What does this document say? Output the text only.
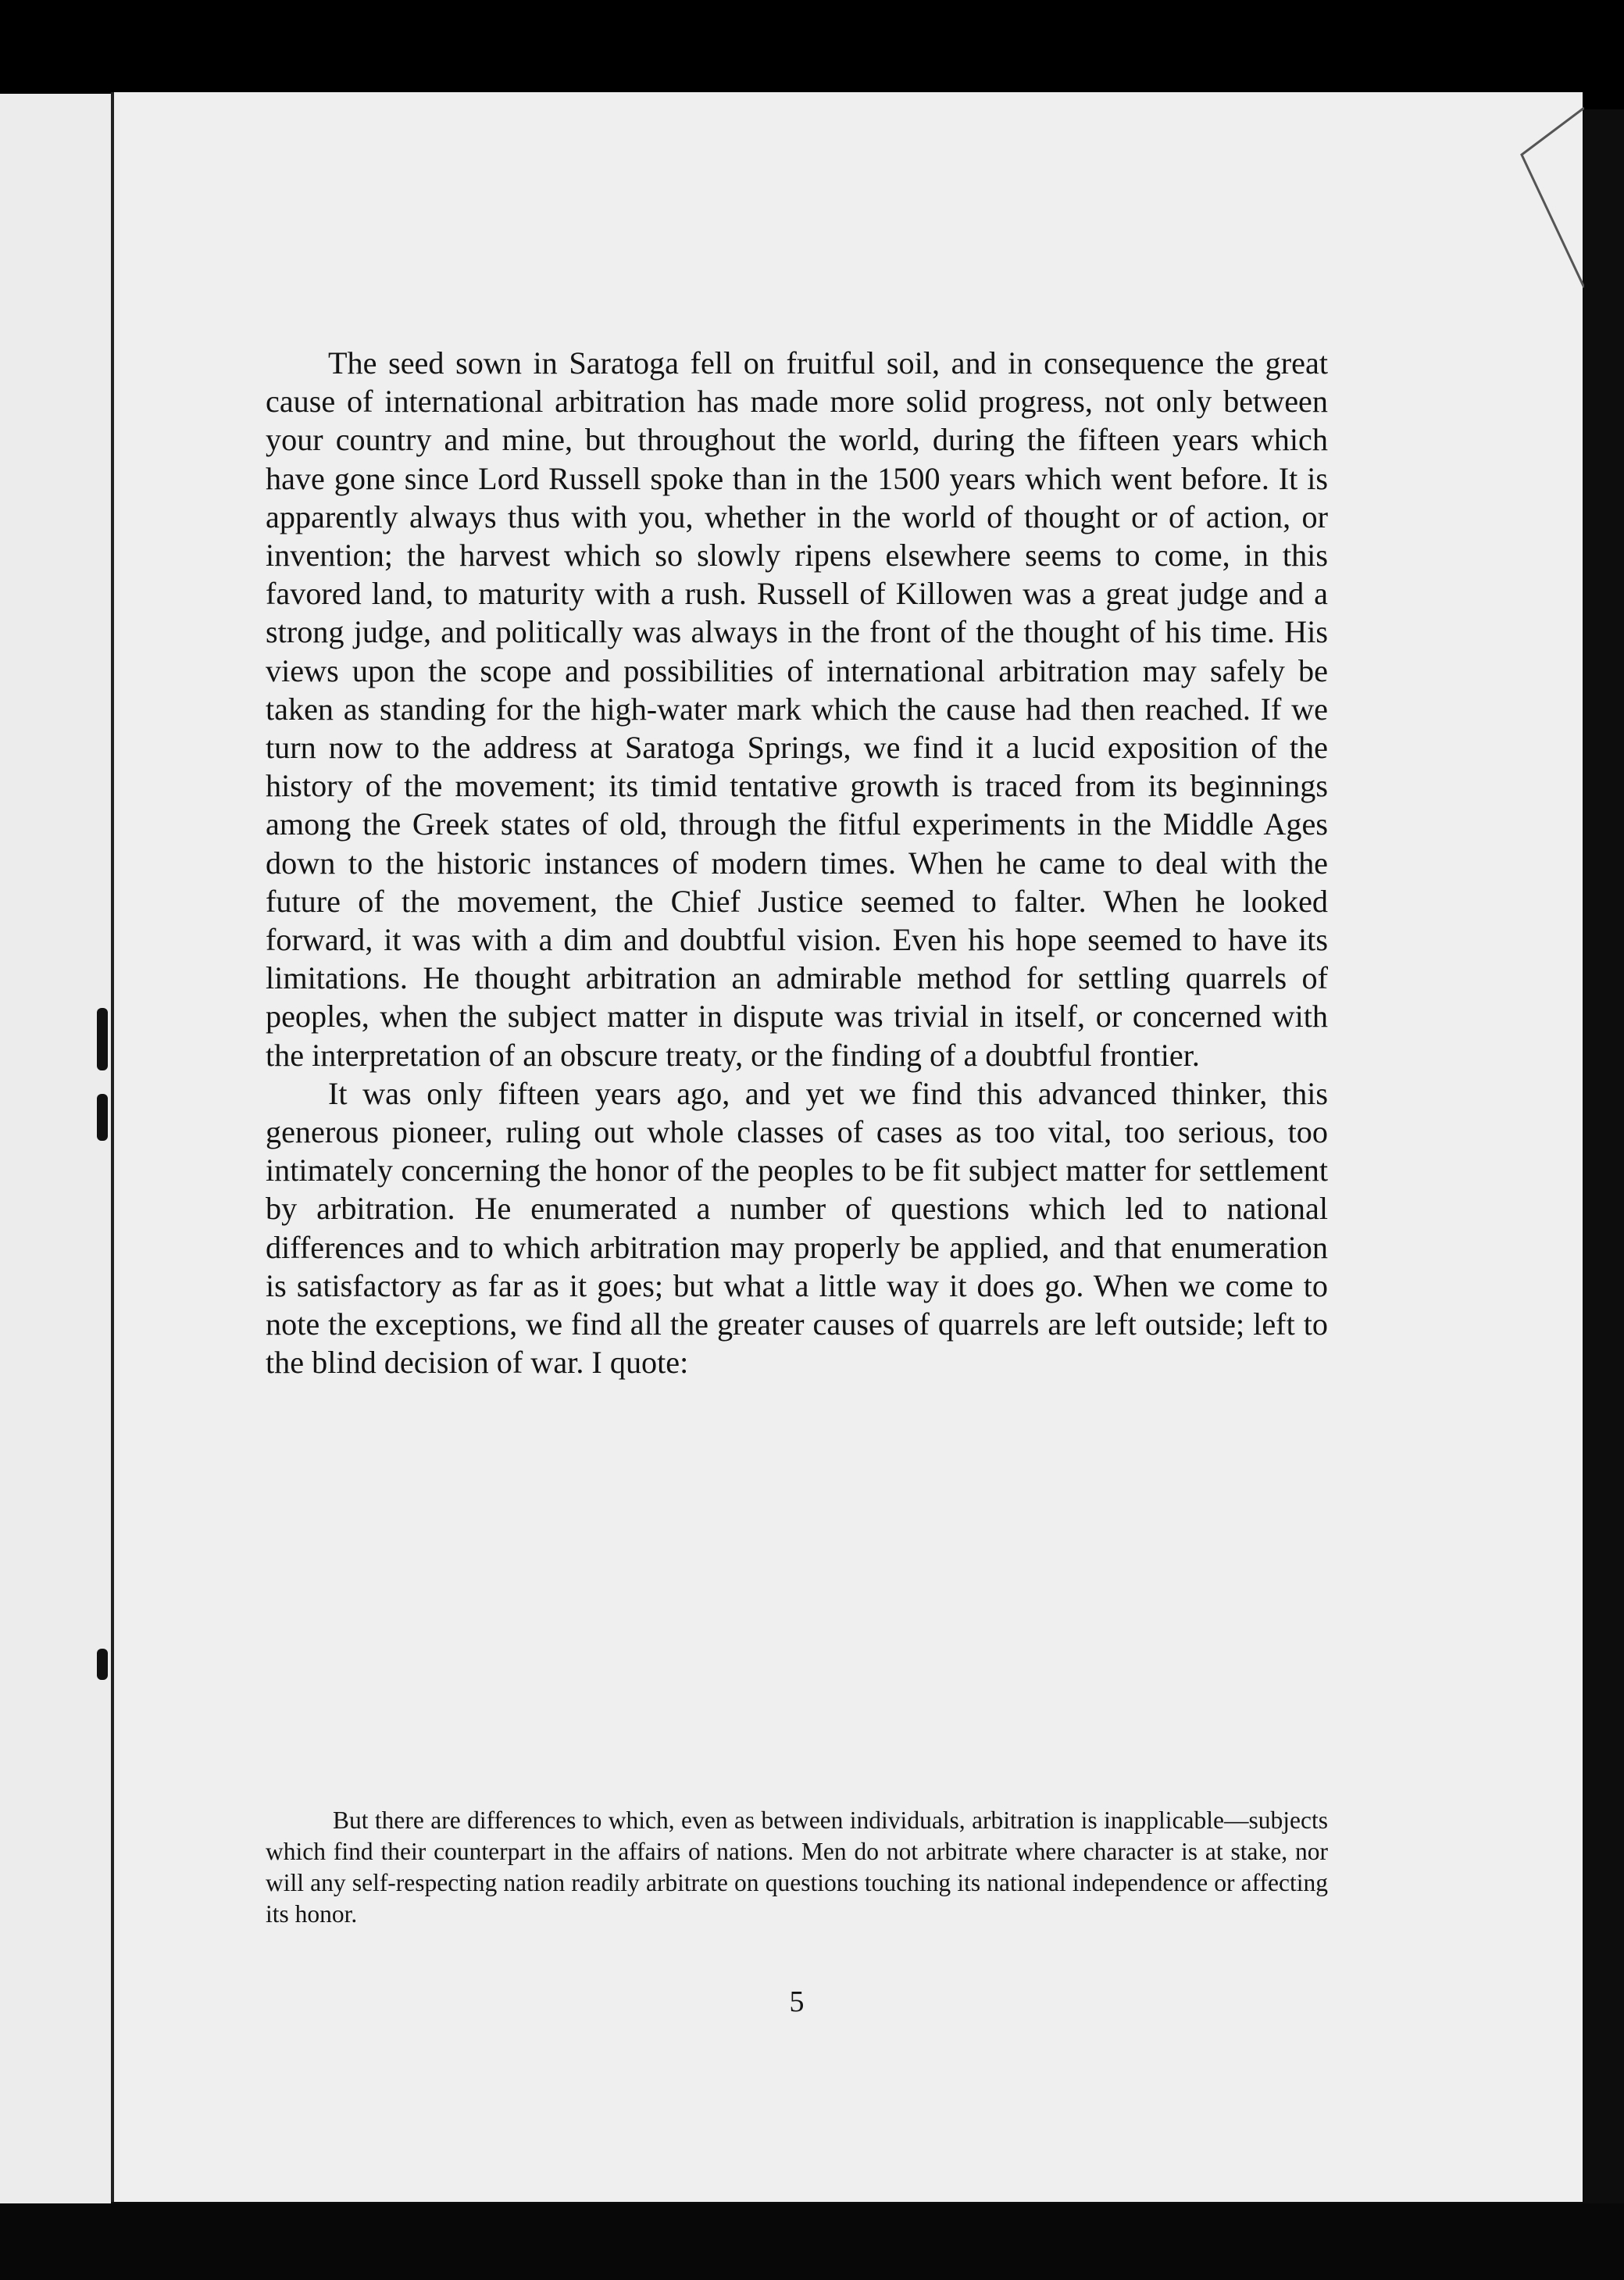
The seed sown in Saratoga fell on fruitful soil, and in consequence the great cause of international arbitration has made more solid progress, not only between your country and mine, but throughout the world, during the fifteen years which have gone since Lord Russell spoke than in the 1500 years which went before. It is apparently always thus with you, whether in the world of thought or of action, or invention; the harvest which so slowly ripens elsewhere seems to come, in this favored land, to maturity with a rush. Russell of Killowen was a great judge and a strong judge, and politically was always in the front of the thought of his time. His views upon the scope and possibilities of international arbitration may safely be taken as standing for the high-water mark which the cause had then reached. If we turn now to the address at Saratoga Springs, we find it a lucid exposition of the history of the movement; its timid tentative growth is traced from its beginnings among the Greek states of old, through the fitful experiments in the Middle Ages down to the historic instances of modern times. When he came to deal with the future of the movement, the Chief Justice seemed to falter. When he looked forward, it was with a dim and doubtful vision. Even his hope seemed to have its limitations. He thought arbitration an admirable method for settling quarrels of peoples, when the subject matter in dispute was trivial in itself, or concerned with the interpretation of an obscure treaty, or the finding of a doubtful frontier.

It was only fifteen years ago, and yet we find this advanced thinker, this generous pioneer, ruling out whole classes of cases as too vital, too serious, too intimately concerning the honor of the peoples to be fit subject matter for settlement by arbitration. He enumerated a number of questions which led to national differences and to which arbitration may properly be applied, and that enumeration is satisfactory as far as it goes; but what a little way it does go. When we come to note the exceptions, we find all the greater causes of quarrels are left outside; left to the blind decision of war. I quote:

But there are differences to which, even as between individuals, arbitration is inapplicable—subjects which find their counterpart in the affairs of nations. Men do not arbitrate where character is at stake, nor will any self-respecting nation readily arbitrate on questions touching its national independence or affecting its honor.

5
